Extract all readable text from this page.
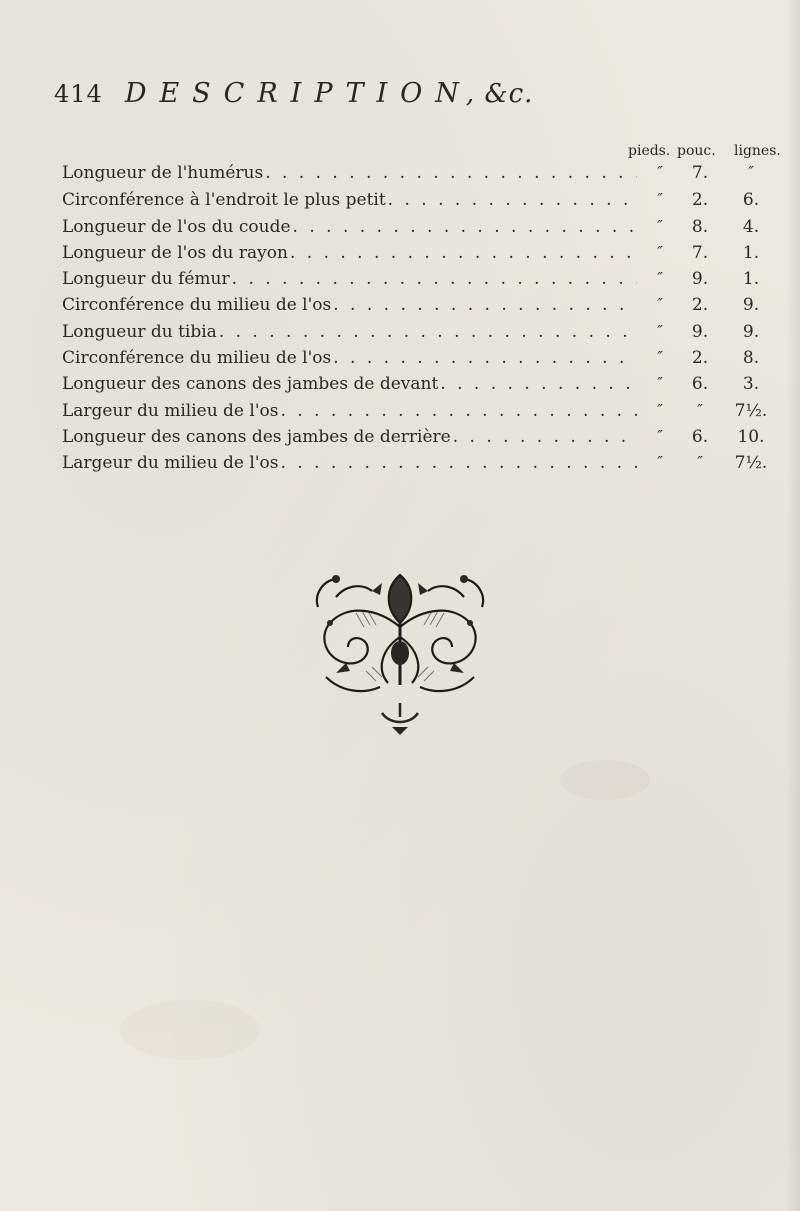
414 DESCRIPTION
, &c.
pieds. pouc. lignes.
Longueur de l'humérus . . .	″	7.	″
Circonférence à l'endroit le plus petit . . .	″	2.	6.
Longueur de l'os du coude . . .	″	8.	4.
Longueur de l'os du rayon . . .	″	7.	1.
Longueur du fémur . . .	″	9.	1.
Circonférence du milieu de l'os . . .	″	2.	9.
Longueur du tibia . . .	″	9.	9.
Circonférence du milieu de l'os . . .	″	2.	8.
Longueur des canons des jambes de devant . . .	″	6.	3.
Largeur du milieu de l'os . . .	″	″	7½.
Longueur des canons des jambes de derrière . . .	″	6.	10.
Largeur du milieu de l'os . . .	″	″	7½.
